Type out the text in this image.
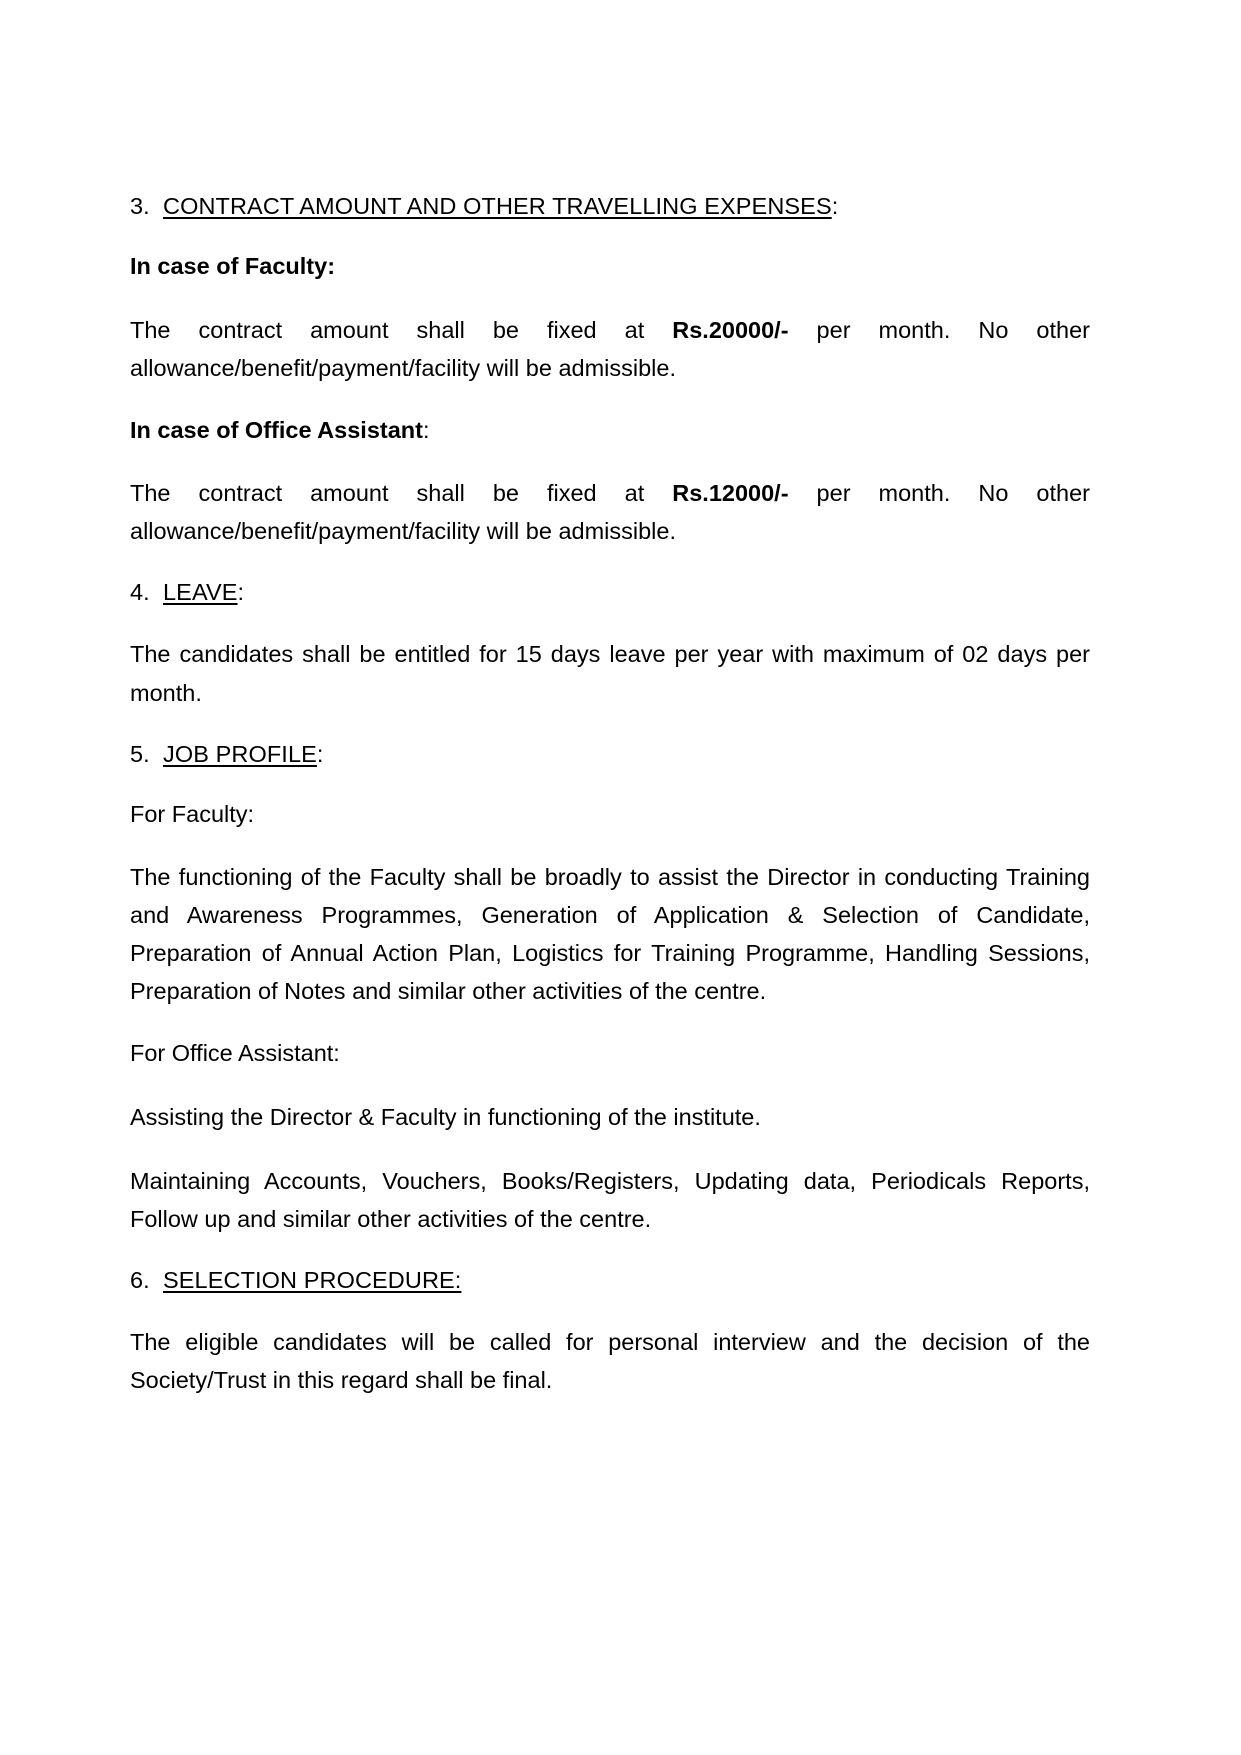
3. CONTRACT AMOUNT AND OTHER TRAVELLING EXPENSES:

In case of Faculty:

The contract amount shall be fixed at Rs.20000/- per month. No other allowance/benefit/payment/facility will be admissible.

In case of Office Assistant:

The contract amount shall be fixed at Rs.12000/- per month. No other allowance/benefit/payment/facility will be admissible.

4. LEAVE:

The candidates shall be entitled for 15 days leave per year with maximum of 02 days per month.

5. JOB PROFILE:

For Faculty:

The functioning of the Faculty shall be broadly to assist the Director in conducting Training and Awareness Programmes, Generation of Application & Selection of Candidate, Preparation of Annual Action Plan, Logistics for Training Programme, Handling Sessions, Preparation of Notes and similar other activities of the centre.

For Office Assistant:

Assisting the Director & Faculty in functioning of the institute.

Maintaining Accounts, Vouchers, Books/Registers, Updating data, Periodicals Reports, Follow up and similar other activities of the centre.

6. SELECTION PROCEDURE:

The eligible candidates will be called for personal interview and the decision of the Society/Trust in this regard shall be final.
